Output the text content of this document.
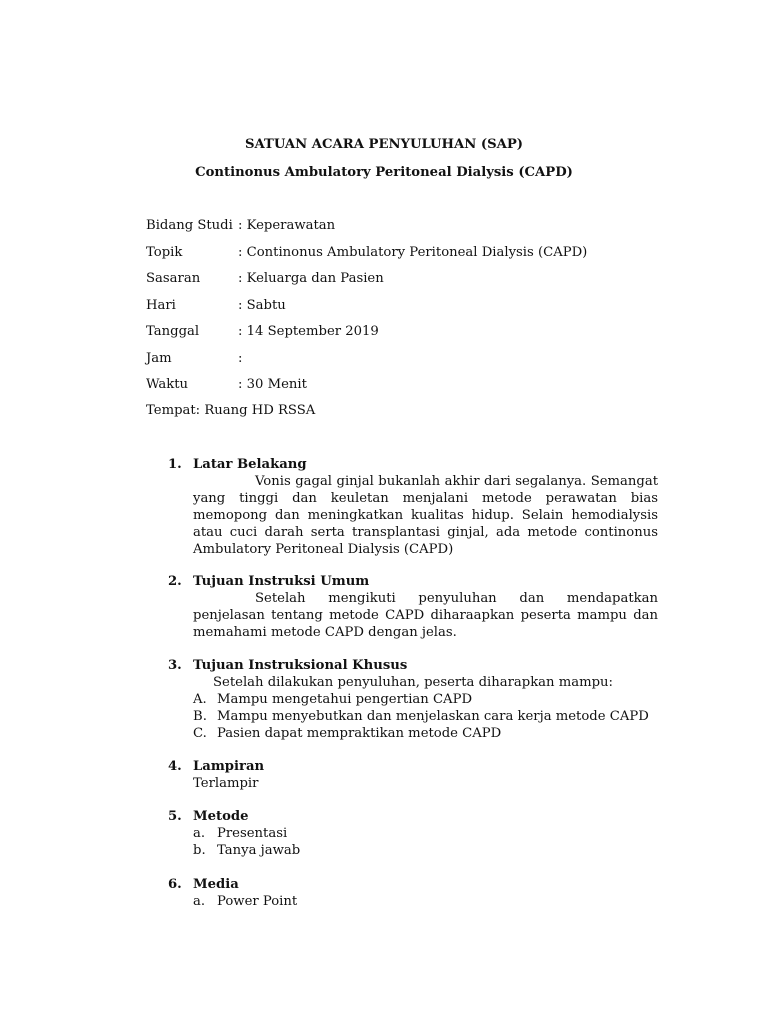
SATUAN ACARA PENYULUHAN (SAP)
Continonus Ambulatory Peritoneal Dialysis (CAPD)
Bidang Studi : Keperawatan
Topik	: Continonus Ambulatory Peritoneal Dialysis (CAPD)
Sasaran	: Keluarga dan Pasien
Hari	: Sabtu
Tanggal	: 14 September 2019
Jam	:
Waktu	: 30 Menit
Tempat: Ruang HD RSSA
1. Latar Belakang
Vonis gagal ginjal bukanlah akhir dari segalanya. Semangat yang tinggi dan keuletan menjalani metode perawatan bias memopong dan meningkatkan kualitas hidup. Selain hemodialysis atau cuci darah serta transplantasi ginjal, ada metode continonus Ambulatory Peritoneal Dialysis (CAPD)
2. Tujuan Instruksi Umum
Setelah mengikuti penyuluhan dan mendapatkan penjelasan tentang metode CAPD diharaapkan peserta mampu dan memahami metode CAPD dengan jelas.
3. Tujuan Instruksional Khusus
Setelah dilakukan penyuluhan, peserta diharapkan mampu:
A. Mampu mengetahui pengertian CAPD
B. Mampu menyebutkan dan menjelaskan cara kerja metode CAPD
C. Pasien dapat mempraktikan metode CAPD
4. Lampiran
Terlampir
5. Metode
a. Presentasi
b. Tanya jawab
6. Media
a. Power Point
